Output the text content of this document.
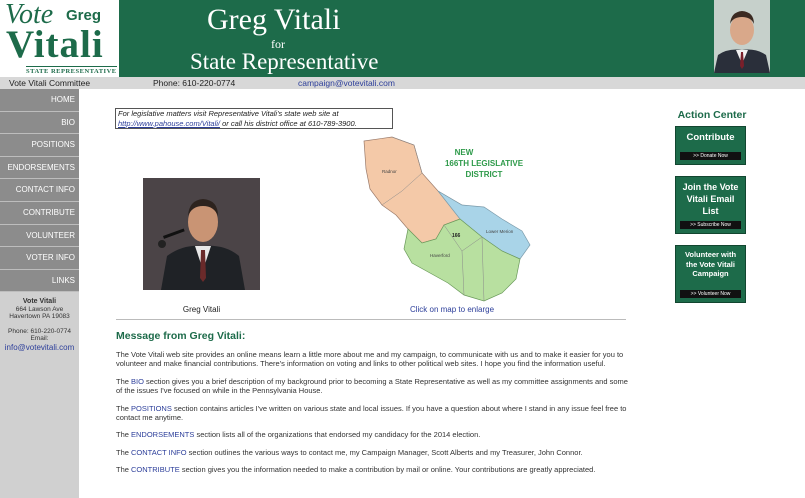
Vote Greg
Vitali
STATE REPRESENTATIVE
Greg Vitali
for
State Representative
Vote Vitali Committee	Phone: 610-220-0774	campaign@votevitali.com
HOME
BIO
POSITIONS
ENDORSEMENTS
CONTACT INFO
CONTRIBUTE
VOLUNTEER
VOTER INFO
LINKS
Vote Vitali
664 Lawson Ave
Havertown PA 19083
Phone: 610-220-0774
Email:
info@votevitali.com
For legislative matters visit Representative Vitali's state web site at
http://www.pahouse.com/Vitali/ or call his district office at 610-789-3900.
Greg Vitali
NEW
166TH LEGISLATIVE
DISTRICT
Radnor
Lower Merion
Haverford
166
Click on map to enlarge
Message from Greg Vitali:

The Vote Vitali web site provides an online means learn a little more about me and my campaign, to communicate with us and to make it easier for you to volunteer and make financial contributions. There's information on voting and links to other political web sites. I hope you find the information useful.

The BIO section gives you a brief description of my background prior to becoming a State Representative as well as my committee assignments and some of the issues I've focused on while in the Pennsylvania House.

The POSITIONS section contains articles I've written on various state and local issues. If you have a question about where I stand in any issue feel free to contact me anytime.

The ENDORSEMENTS section lists all of the organizations that endorsed my candidacy for the 2014 election.

The CONTACT INFO section outlines the various ways to contact me, my Campaign Manager, Scott Alberts and my Treasurer, John Connor.

The CONTRIBUTE section gives you the information needed to make a contribution by mail or online. Your contributions are greatly appreciated.

Action Center
Contribute
>> Donate Now
Join the Vote Vitali Email List
>> Subscribe Now
Volunteer with the Vote Vitali Campaign
>> Volunteer Now
